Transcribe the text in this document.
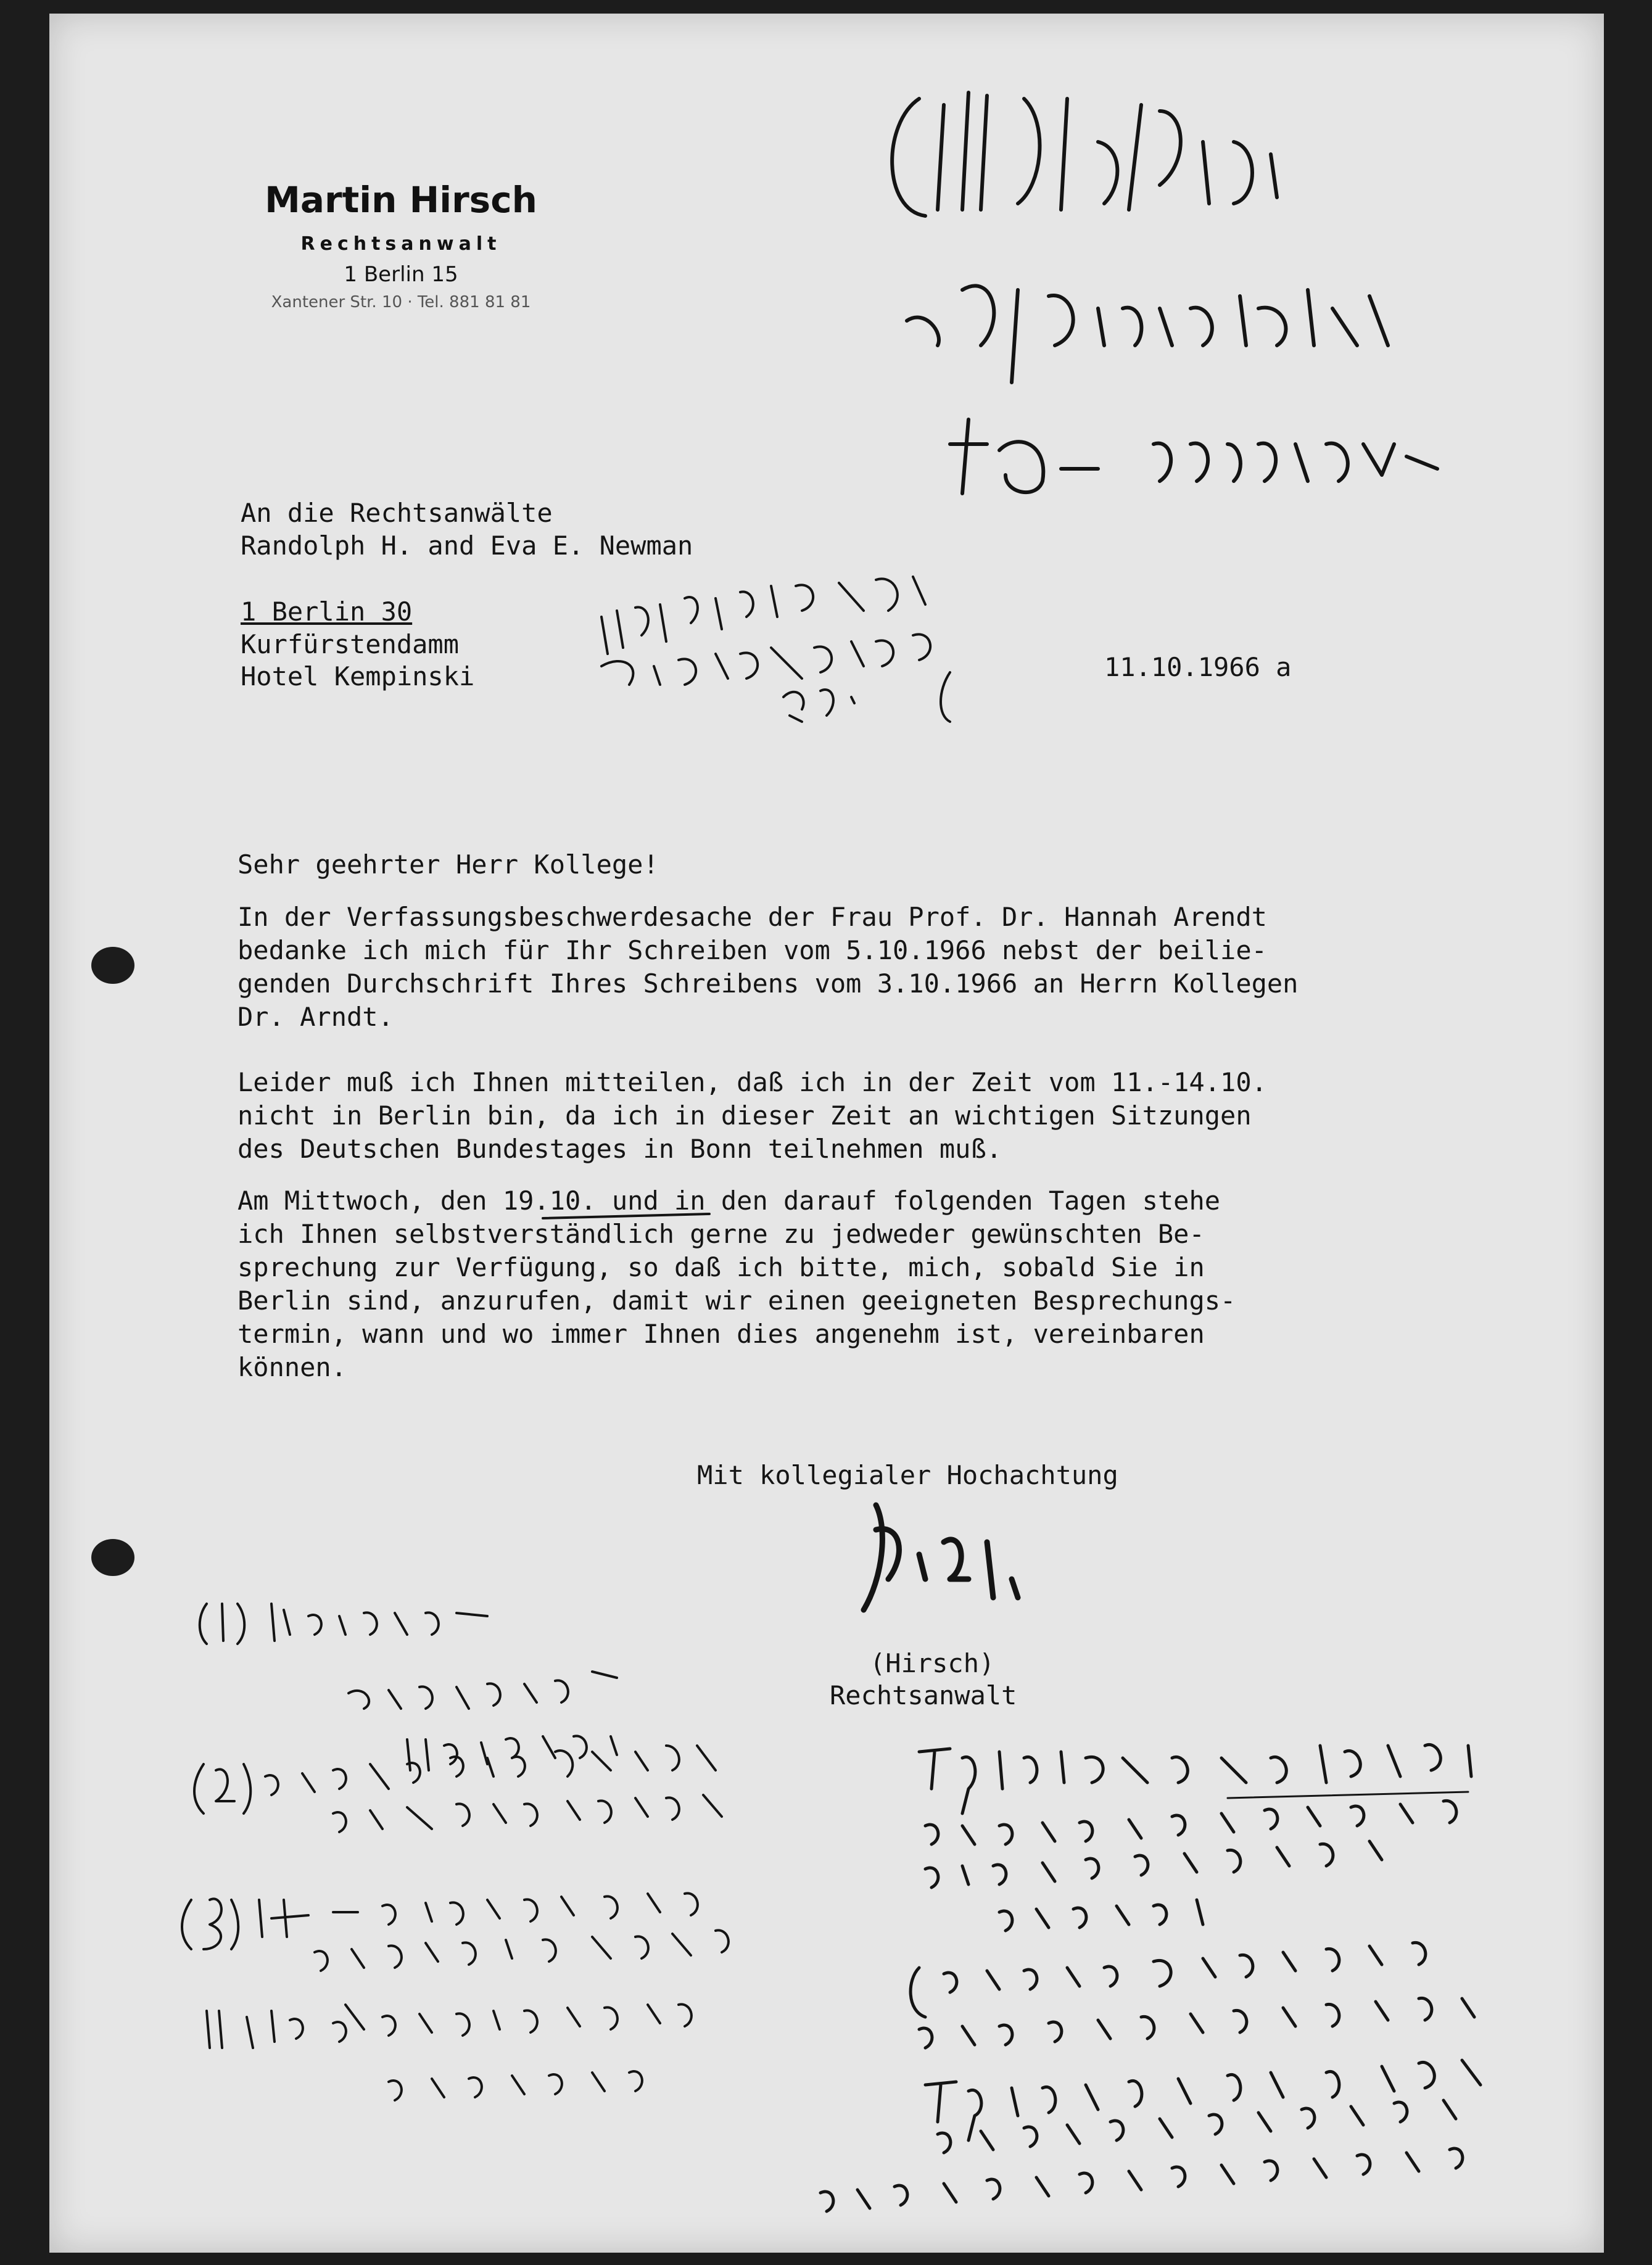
Martin Hirsch
Rechtsanwalt
1 Berlin 15
Xantener Str. 10 · Tel. 881 81 81
An die Rechtsanwälte
Randolph H. and Eva E. Newman
1 Berlin 30
Kurfürstendamm
Hotel Kempinski	11.10.1966 a
Sehr geehrter Herr Kollege!
In der Verfassungsbeschwerdesache der Frau Prof. Dr. Hannah Arendt
bedanke ich mich für Ihr Schreiben vom 5.10.1966 nebst der beilie-
genden Durchschrift Ihres Schreibens vom 3.10.1966 an Herrn Kollegen
Dr. Arndt.
Leider muß ich Ihnen mitteilen, daß ich in der Zeit vom 11.-14.10.
nicht in Berlin bin, da ich in dieser Zeit an wichtigen Sitzungen
des Deutschen Bundestages in Bonn teilnehmen muß.
Am Mittwoch, den 19.10. und in den darauf folgenden Tagen stehe
ich Ihnen selbstverständlich gerne zu jedweder gewünschten Be-
sprechung zur Verfügung, so daß ich bitte, mich, sobald Sie in
Berlin sind, anzurufen, damit wir einen geeigneten Besprechungs-
termin, wann und wo immer Ihnen dies angenehm ist, vereinbaren
können.
Mit kollegialer Hochachtung
(Hirsch)
Rechtsanwalt
